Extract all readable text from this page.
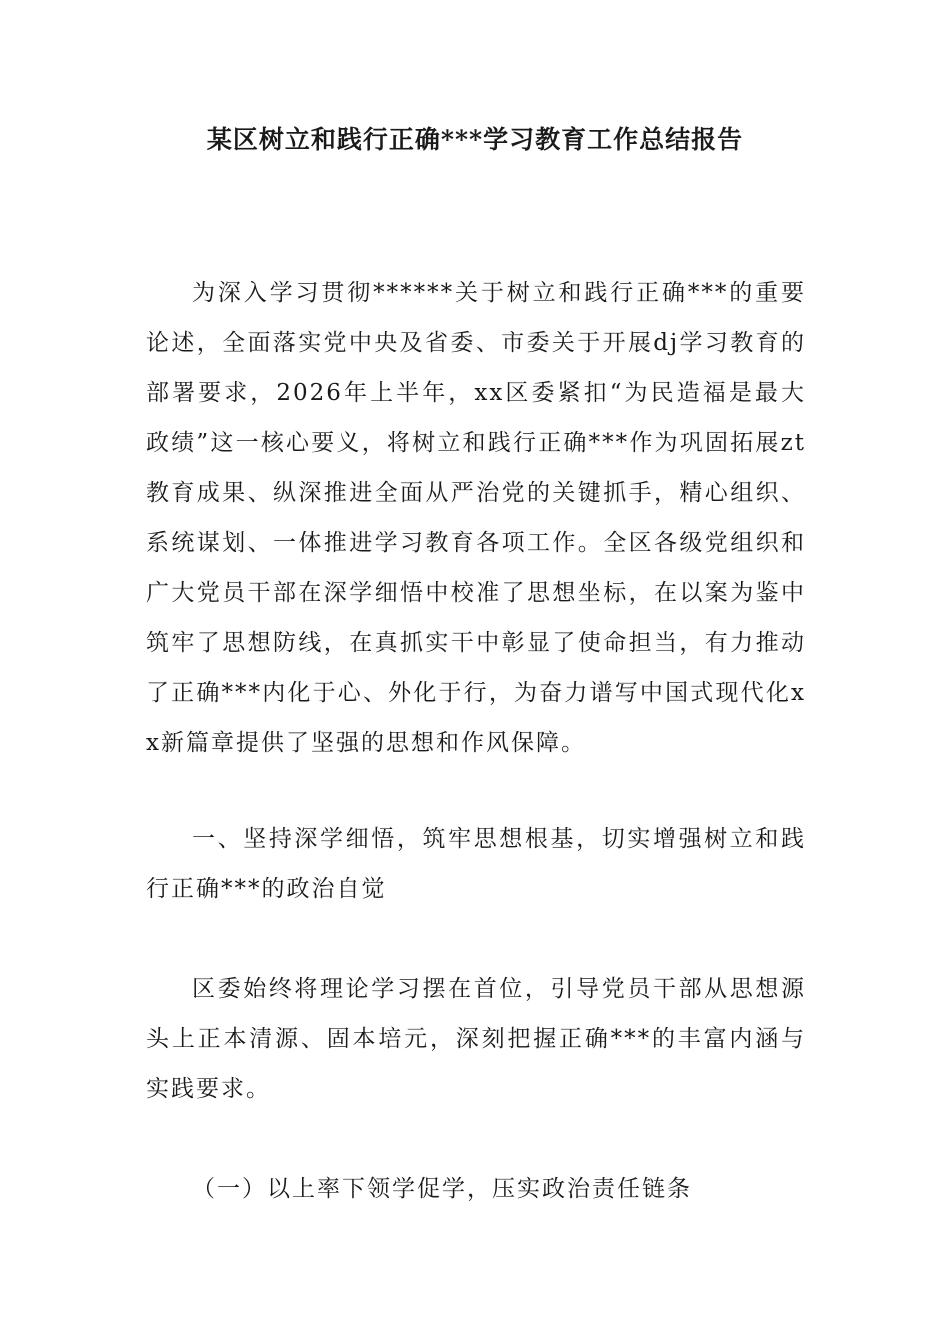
某区树立和践行正确***学习教育工作总结报告

为深入学习贯彻******关于树立和践行正确***的重要论述，全面落实党中央及省委、市委关于开展dj学习教育的部署要求，2026年上半年，xx区委紧扣“为民造福是最大政绩”这一核心要义，将树立和践行正确***作为巩固拓展zt教育成果、纵深推进全面从严治党的关键抓手，精心组织、系统谋划、一体推进学习教育各项工作。全区各级党组织和广大党员干部在深学细悟中校准了思想坐标，在以案为鉴中筑牢了思想防线，在真抓实干中彰显了使命担当，有力推动了正确***内化于心、外化于行，为奋力谱写中国式现代化xx新篇章提供了坚强的思想和作风保障。

一、坚持深学细悟，筑牢思想根基，切实增强树立和践行正确***的政治自觉

区委始终将理论学习摆在首位，引导党员干部从思想源头上正本清源、固本培元，深刻把握正确***的丰富内涵与实践要求。

（一）以上率下领学促学，压实政治责任链条
